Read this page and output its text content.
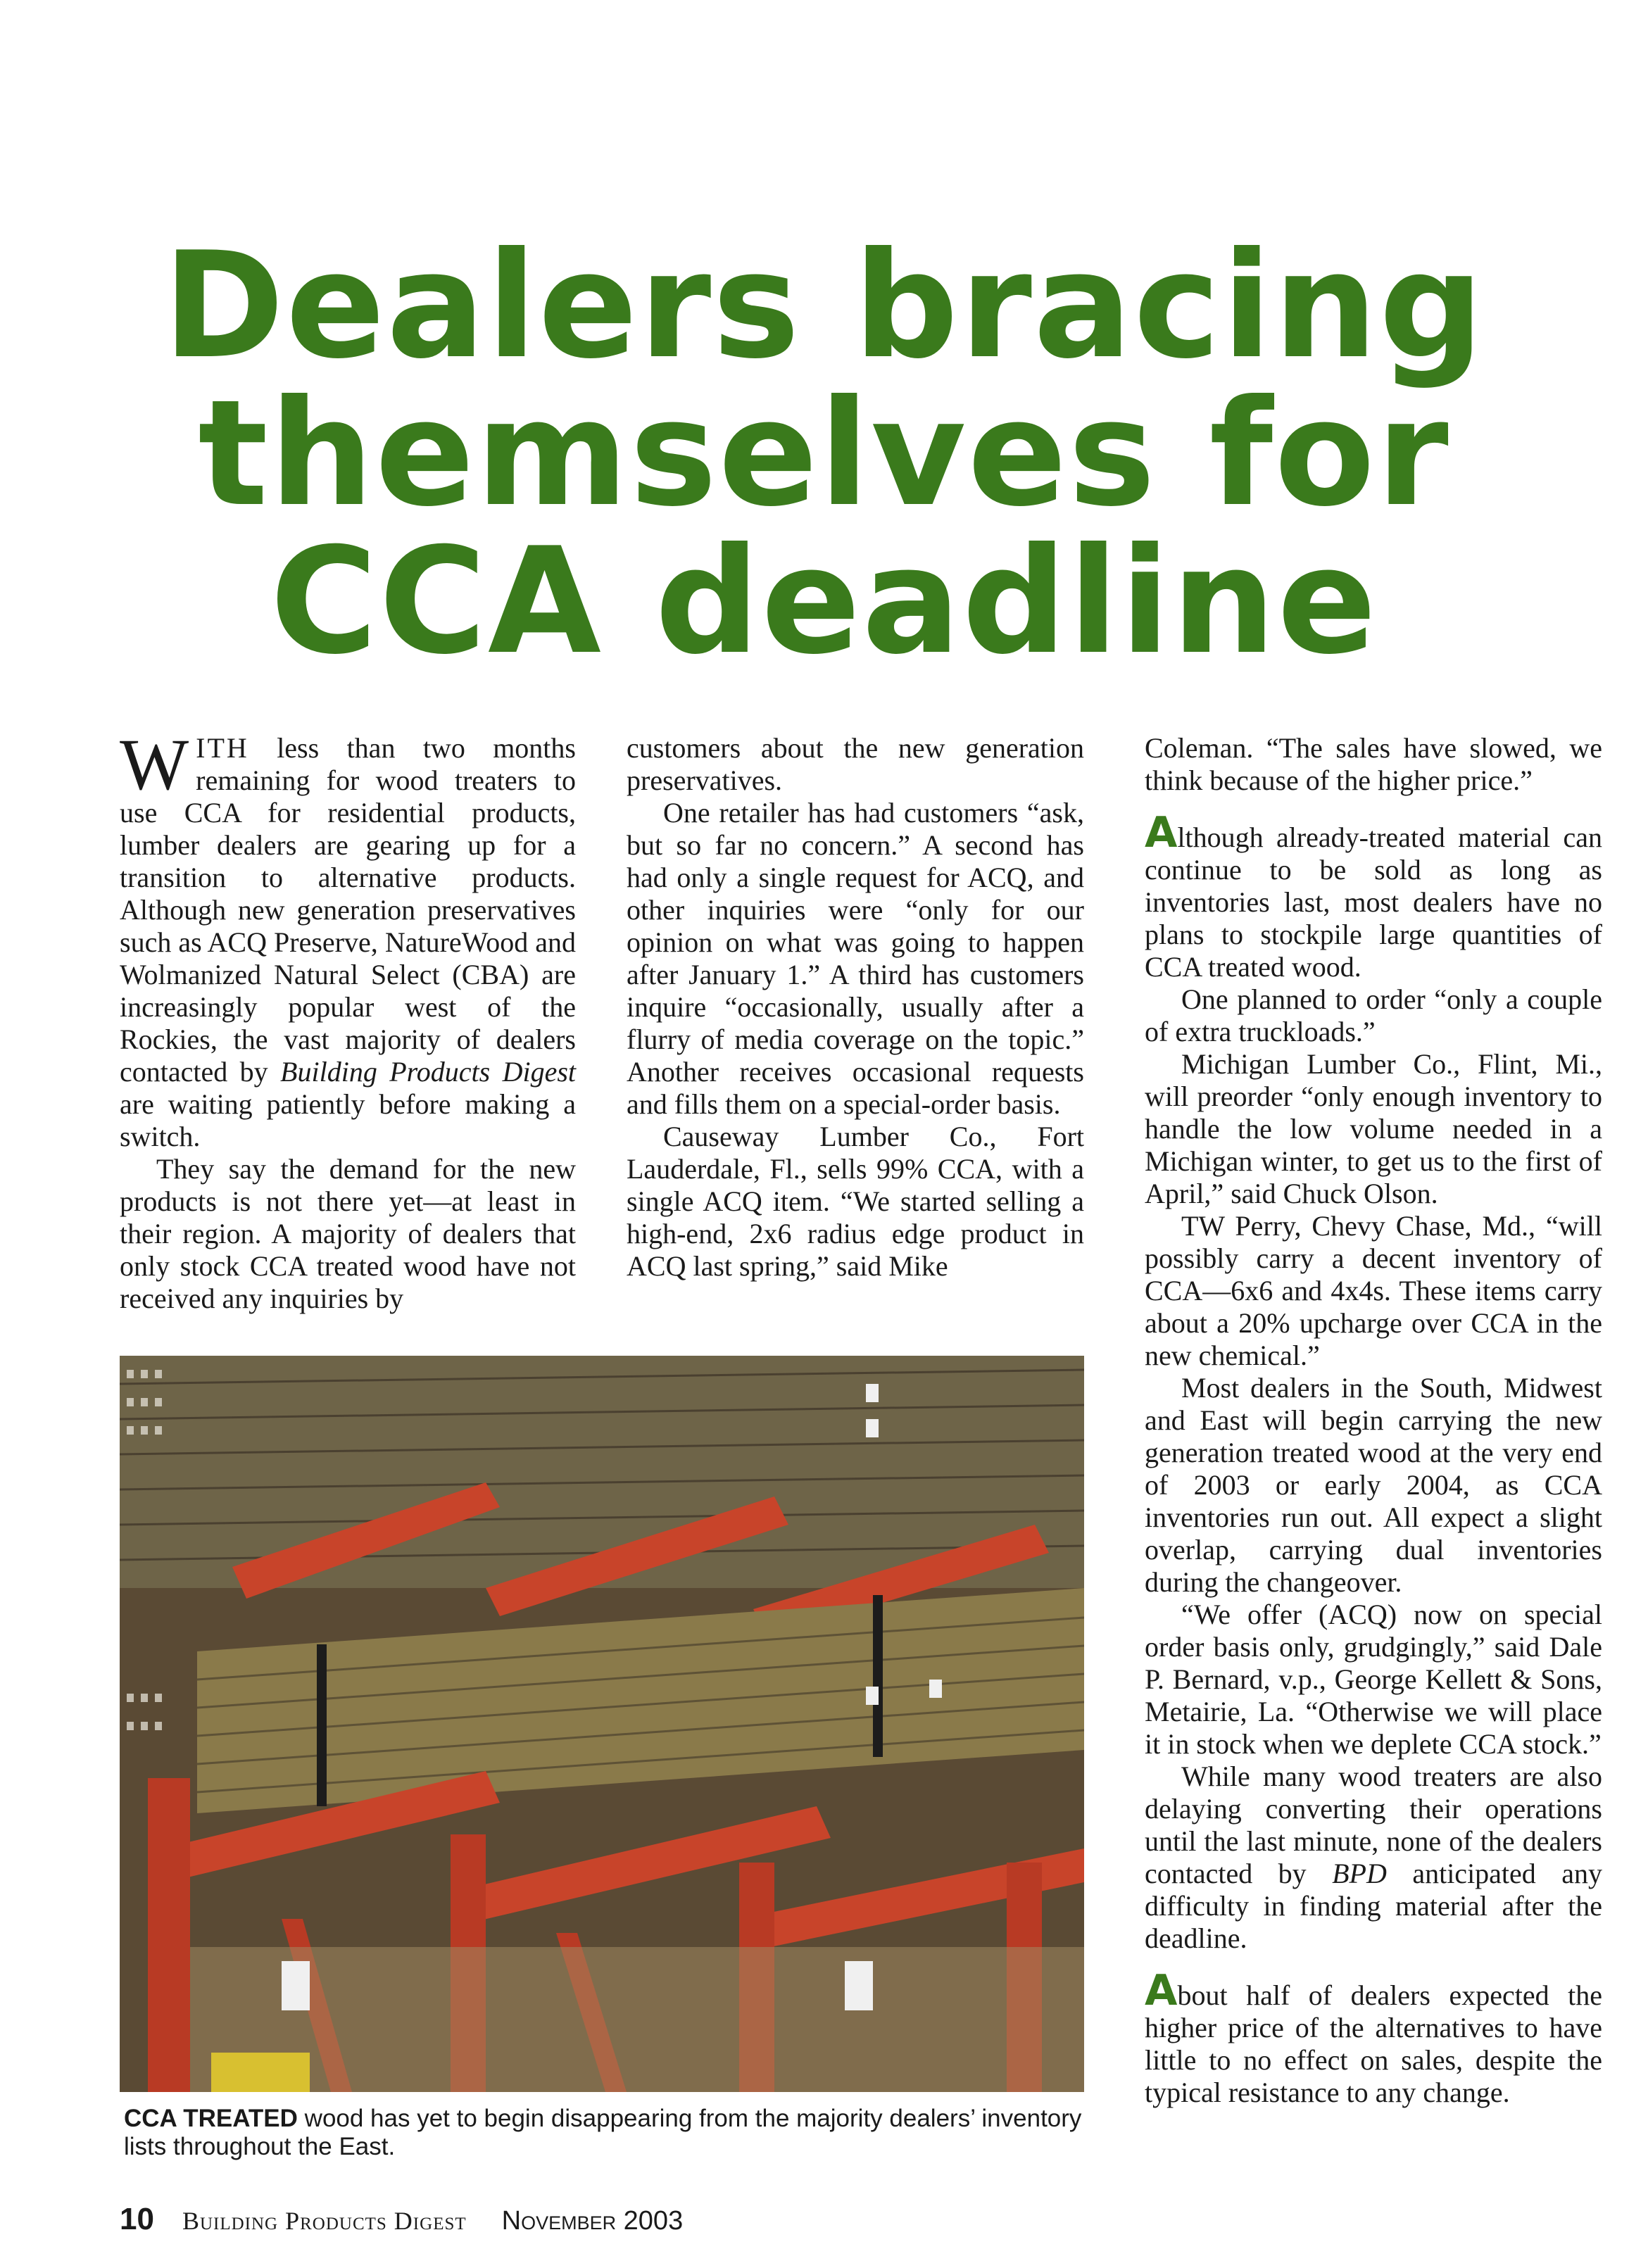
Dealers bracing
themselves for
CCA deadline

WITH less than two months remaining for wood treaters to use CCA for residential products, lumber dealers are gearing up for a transition to alternative products. Although new generation preservatives such as ACQ Preserve, NatureWood and Wolmanized Natural Select (CBA) are increasingly popular west of the Rockies, the vast majority of dealers contacted by Building Products Digest are waiting patiently before making a switch.

They say the demand for the new products is not there yet—at least in their region. A majority of dealers that only stock CCA treated wood have not received any inquiries by

customers about the new generation preservatives.

One retailer has had customers “ask, but so far no concern.” A second has had only a single request for ACQ, and other inquiries were “only for our opinion on what was going to happen after January 1.” A third has customers inquire “occasionally, usually after a flurry of media coverage on the topic.” Another receives occasional requests and fills them on a special-order basis.

Causeway Lumber Co., Fort Lauderdale, Fl., sells 99% CCA, with a single ACQ item. “We started selling a high-end, 2x6 radius edge product in ACQ last spring,” said Mike

Coleman. “The sales have slowed, we think because of the higher price.”

Although already-treated material can continue to be sold as long as inventories last, most dealers have no plans to stockpile large quantities of CCA treated wood.

One planned to order “only a couple of extra truckloads.”

Michigan Lumber Co., Flint, Mi., will preorder “only enough inventory to handle the low volume needed in a Michigan winter, to get us to the first of April,” said Chuck Olson.

TW Perry, Chevy Chase, Md., “will possibly carry a decent inventory of CCA—6x6 and 4x4s. These items carry about a 20% upcharge over CCA in the new chemical.”

Most dealers in the South, Midwest and East will begin carrying the new generation treated wood at the very end of 2003 or early 2004, as CCA inventories run out. All expect a slight overlap, carrying dual inventories during the changeover.

“We offer (ACQ) now on special order basis only, grudgingly,” said Dale P. Bernard, v.p., George Kellett & Sons, Metairie, La. “Otherwise we will place it in stock when we deplete CCA stock.”

While many wood treaters are also delaying converting their operations until the last minute, none of the dealers contacted by BPD anticipated any difficulty in finding material after the deadline.

About half of dealers expected the higher price of the alternatives to have little to no effect on sales, despite the typical resistance to any change.

CCA TREATED wood has yet to begin disappearing from the majority dealers’ inventory lists throughout the East.
10 Building Products Digest November 2003
